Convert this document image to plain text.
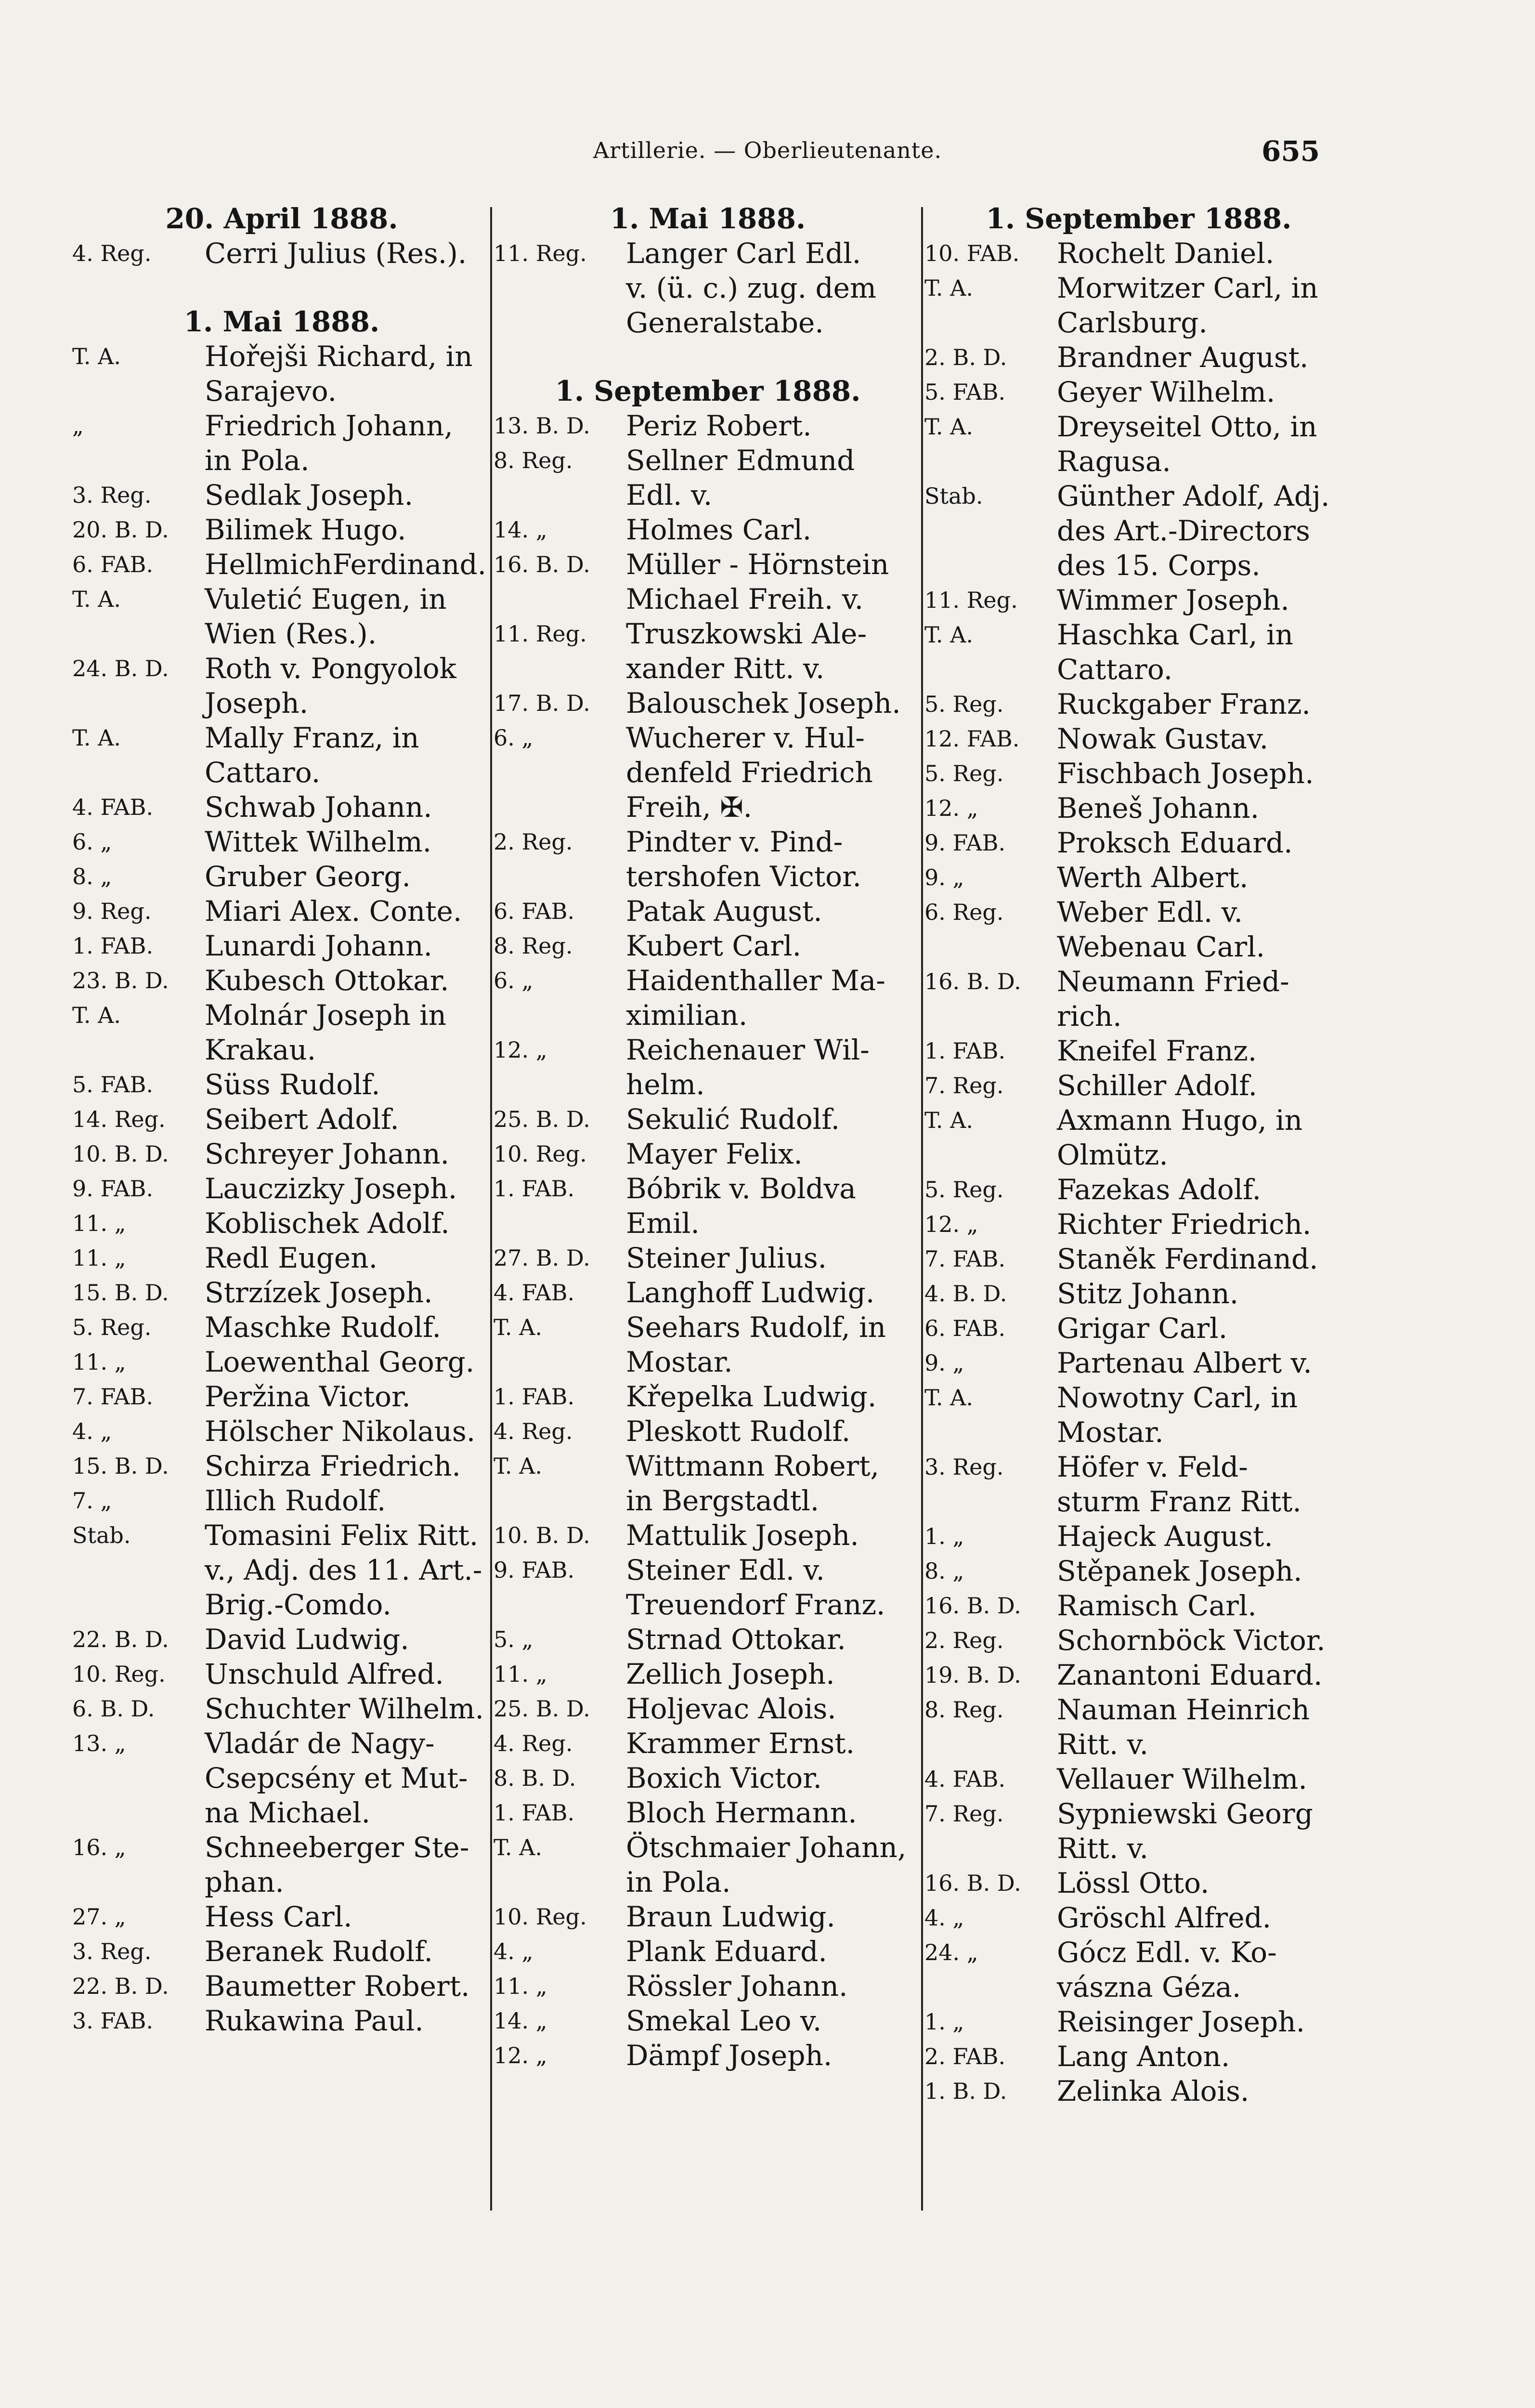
Artillerie. — Oberlieutenante.	655
20. April 1888.
4. Reg.	Cerri Julius (Res.).
1. Mai 1888.
T. A.	Hořejši Richard, in
Sarajevo.
„	Friedrich Johann,
in Pola.
3. Reg.	Sedlak Joseph.
20. B. D.	Bilimek Hugo.
6. FAB.	HellmichFerdinand.
T. A.	Vuletić Eugen, in
Wien (Res.).
24. B. D.	Roth v. Pongyolok
Joseph.
T. A.	Mally Franz, in
Cattaro.
4. FAB.	Schwab Johann.
6. „	Wittek Wilhelm.
8. „	Gruber Georg.
9. Reg.	Miari Alex. Conte.
1. FAB.	Lunardi Johann.
23. B. D.	Kubesch Ottokar.
T. A.	Molnár Joseph in
Krakau.
5. FAB.	Süss Rudolf.
14. Reg.	Seibert Adolf.
10. B. D.	Schreyer Johann.
9. FAB.	Lauczizky Joseph.
11. „	Koblischek Adolf.
11. „	Redl Eugen.
15. B. D.	Strzízek Joseph.
5. Reg.	Maschke Rudolf.
11. „	Loewenthal Georg.
7. FAB.	Peržina Victor.
4. „	Hölscher Nikolaus.
15. B. D.	Schirza Friedrich.
7. „	Illich Rudolf.
Stab.	Tomasini Felix Ritt.
v., Adj. des 11. Art.-
Brig.-Comdo.
22. B. D.	David Ludwig.
10. Reg.	Unschuld Alfred.
6. B. D.	Schuchter Wilhelm.
13. „	Vladár de Nagy-
Csepcsény et Mut-
na Michael.
16. „	Schneeberger Ste-
phan.
27. „	Hess Carl.
3. Reg.	Beranek Rudolf.
22. B. D.	Baumetter Robert.
3. FAB.	Rukawina Paul.
1. Mai 1888.
11. Reg.	Langer Carl Edl.
v. (ü. c.) zug. dem
Generalstabe.
1. September 1888.
13. B. D.	Periz Robert.
8. Reg.	Sellner Edmund
Edl. v.
14. „	Holmes Carl.
16. B. D.	Müller - Hörnstein
Michael Freih. v.
11. Reg.	Truszkowski Ale-
xander Ritt. v.
17. B. D.	Balouschek Joseph.
6. „	Wucherer v. Hul-
denfeld Friedrich
Freih, ✠.
2. Reg.	Pindter v. Pind-
tershofen Victor.
6. FAB.	Patak August.
8. Reg.	Kubert Carl.
6. „	Haidenthaller Ma-
ximilian.
12. „	Reichenauer Wil-
helm.
25. B. D.	Sekulić Rudolf.
10. Reg.	Mayer Felix.
1. FAB.	Bóbrik v. Boldva
Emil.
27. B. D.	Steiner Julius.
4. FAB.	Langhoff Ludwig.
T. A.	Seehars Rudolf, in
Mostar.
1. FAB.	Křepelka Ludwig.
4. Reg.	Pleskott Rudolf.
T. A.	Wittmann Robert,
in Bergstadtl.
10. B. D.	Mattulik Joseph.
9. FAB.	Steiner Edl. v.
Treuendorf Franz.
5. „	Strnad Ottokar.
11. „	Zellich Joseph.
25. B. D.	Holjevac Alois.
4. Reg.	Krammer Ernst.
8. B. D.	Boxich Victor.
1. FAB.	Bloch Hermann.
T. A.	Ötschmaier Johann,
in Pola.
10. Reg.	Braun Ludwig.
4. „	Plank Eduard.
11. „	Rössler Johann.
14. „	Smekal Leo v.
12. „	Dämpf Joseph.
1. September 1888.
10. FAB.	Rochelt Daniel.
T. A.	Morwitzer Carl, in
Carlsburg.
2. B. D.	Brandner August.
5. FAB.	Geyer Wilhelm.
T. A.	Dreyseitel Otto, in
Ragusa.
Stab.	Günther Adolf, Adj.
des Art.-Directors
des 15. Corps.
11. Reg.	Wimmer Joseph.
T. A.	Haschka Carl, in
Cattaro.
5. Reg.	Ruckgaber Franz.
12. FAB.	Nowak Gustav.
5. Reg.	Fischbach Joseph.
12. „	Beneš Johann.
9. FAB.	Proksch Eduard.
9. „	Werth Albert.
6. Reg.	Weber Edl. v.
Webenau Carl.
16. B. D.	Neumann Fried-
rich.
1. FAB.	Kneifel Franz.
7. Reg.	Schiller Adolf.
T. A.	Axmann Hugo, in
Olmütz.
5. Reg.	Fazekas Adolf.
12. „	Richter Friedrich.
7. FAB.	Staněk Ferdinand.
4. B. D.	Stitz Johann.
6. FAB.	Grigar Carl.
9. „	Partenau Albert v.
T. A.	Nowotny Carl, in
Mostar.
3. Reg.	Höfer v. Feld-
sturm Franz Ritt.
1. „	Hajeck August.
8. „	Stěpanek Joseph.
16. B. D.	Ramisch Carl.
2. Reg.	Schornböck Victor.
19. B. D.	Zanantoni Eduard.
8. Reg.	Nauman Heinrich
Ritt. v.
4. FAB.	Vellauer Wilhelm.
7. Reg.	Sypniewski Georg
Ritt. v.
16. B. D.	Lössl Otto.
4. „	Gröschl Alfred.
24. „	Gócz Edl. v. Ko-
vászna Géza.
1. „	Reisinger Joseph.
2. FAB.	Lang Anton.
1. B. D.	Zelinka Alois.
